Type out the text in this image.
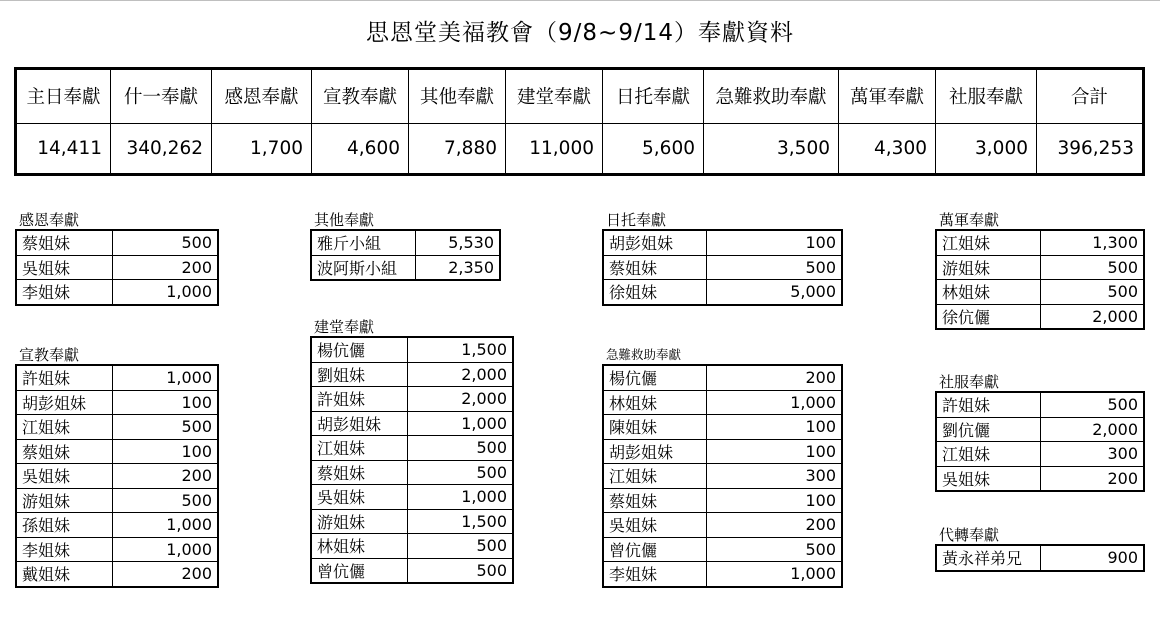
思恩堂美福教會（9/8~9/14）奉獻資料
主日奉獻	什一奉獻	感恩奉獻	宣教奉獻	其他奉獻	建堂奉獻	日托奉獻	急難救助奉獻	萬軍奉獻	社服奉獻	合計
14,411	340,262	1,700	4,600	7,880	11,000	5,600	3,500	4,300	3,000	396,253
感恩奉獻
蔡姐妹	500
吳姐妹	200
李姐妹	1,000
宣教奉獻
許姐妹	1,000
胡彭姐妹	100
江姐妹	500
蔡姐妹	100
吳姐妹	200
游姐妹	500
孫姐妹	1,000
李姐妹	1,000
戴姐妹	200
其他奉獻
雅斤小組	5,530
波阿斯小組	2,350
建堂奉獻
楊伉儷	1,500
劉姐妹	2,000
許姐妹	2,000
胡彭姐妹	1,000
江姐妹	500
蔡姐妹	500
吳姐妹	1,000
游姐妹	1,500
林姐妹	500
曾伉儷	500
日托奉獻
胡彭姐妹	100
蔡姐妹	500
徐姐妹	5,000
急難救助奉獻
楊伉儷	200
林姐妹	1,000
陳姐妹	100
胡彭姐妹	100
江姐妹	300
蔡姐妹	100
吳姐妹	200
曾伉儷	500
李姐妹	1,000
萬軍奉獻
江姐妹	1,300
游姐妹	500
林姐妹	500
徐伉儷	2,000
社服奉獻
許姐妹	500
劉伉儷	2,000
江姐妹	300
吳姐妹	200
代轉奉獻
黃永祥弟兄	900
